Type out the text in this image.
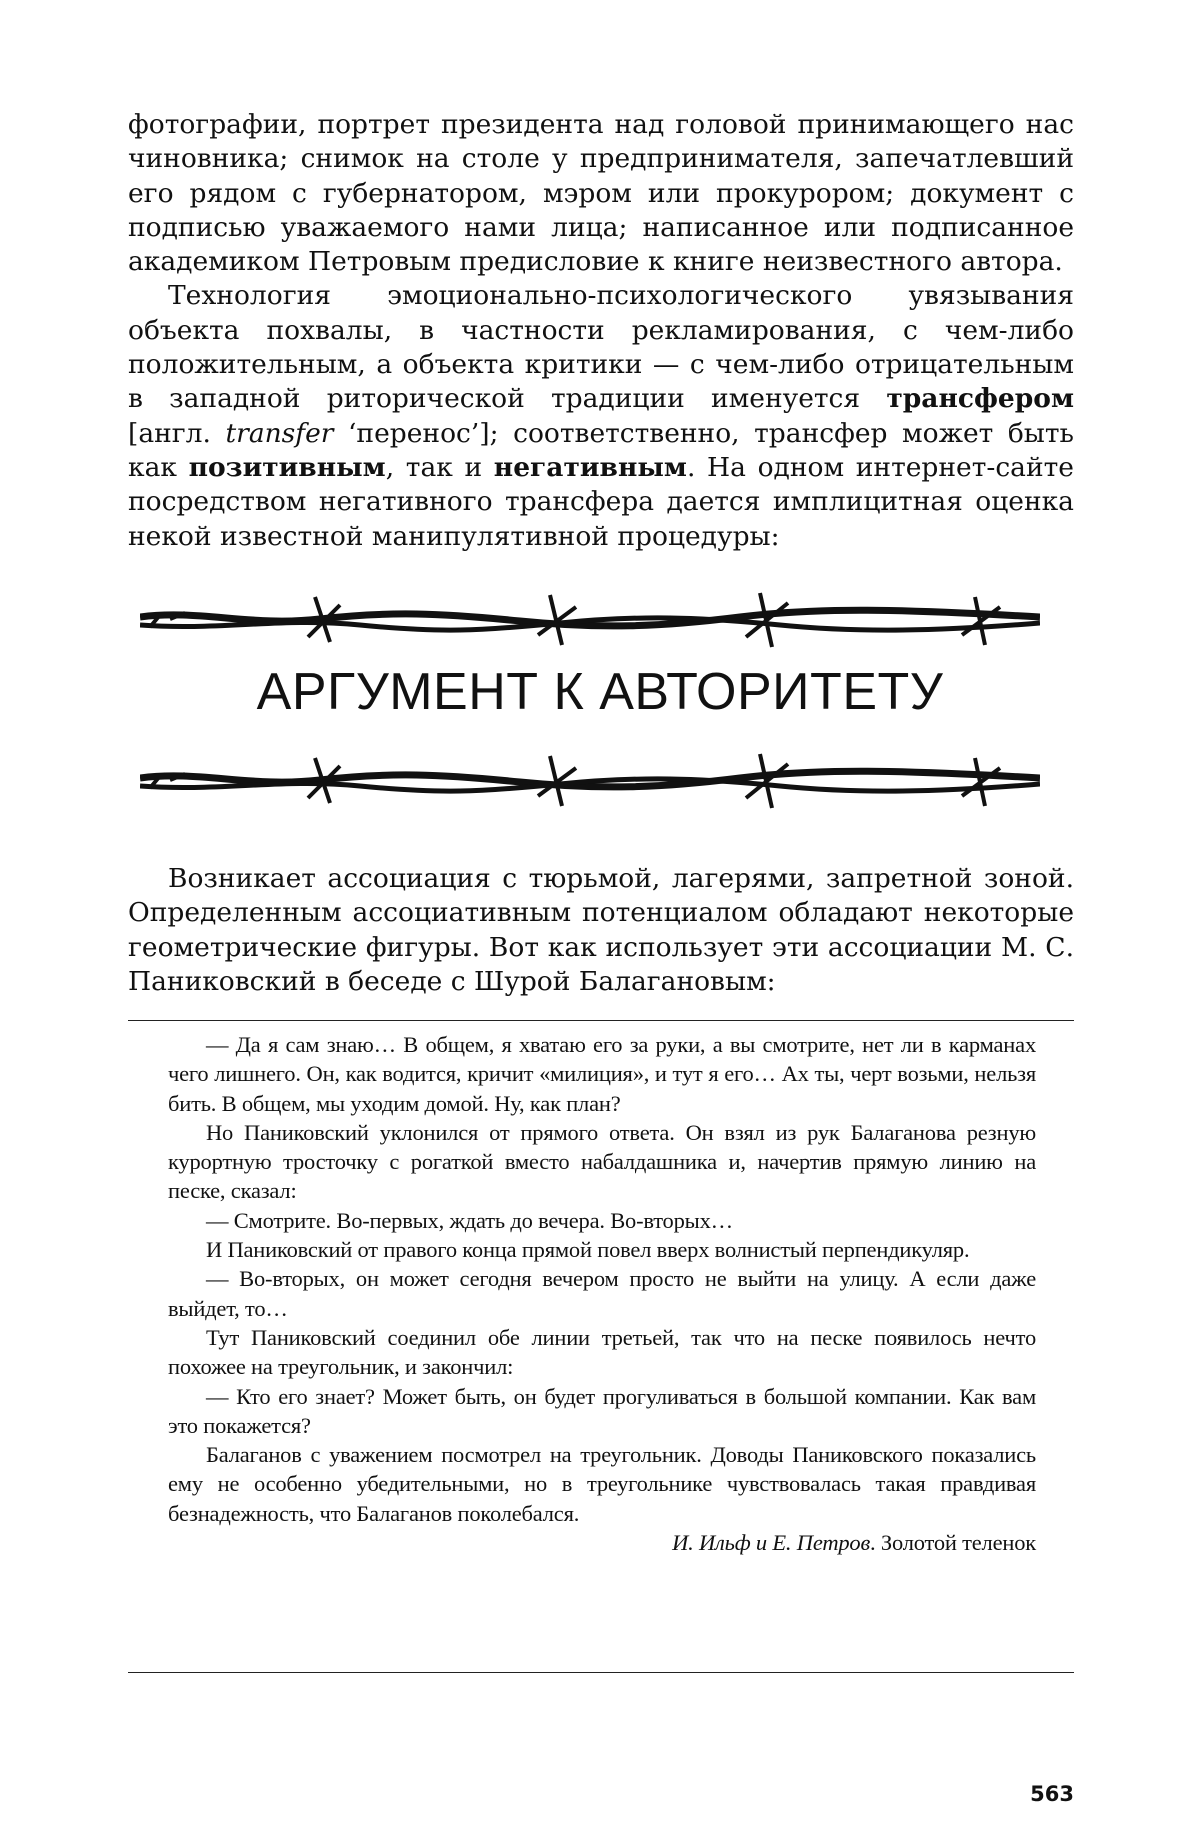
фотографии, портрет президента над головой принимающего нас чиновника; снимок на столе у предпринимателя, запечатлевший его рядом с губернатором, мэром или прокурором; документ с подписью уважаемого нами лица; написанное или подписанное академиком Петровым предисловие к книге неизвестного автора.

Технология эмоционально-психологического увязывания объекта похвалы, в частности рекламирования, с чем-либо положительным, а объекта критики — с чем-либо отрицательным в западной риторической традиции именуется трансфером [англ. transfer ‘перенос’]; соответственно, трансфер может быть как позитивным, так и негативным. На одном интернет-сайте посредством негативного трансфера дается имплицитная оценка некой известной манипулятивной процедуры:

АРГУМЕНТ К АВТОРИТЕТУ

Возникает ассоциация с тюрьмой, лагерями, запретной зоной. Определенным ассоциативным потенциалом обладают некоторые геометрические фигуры. Вот как использует эти ассоциации М. С. Паниковский в беседе с Шурой Балагановым:

— Да я сам знаю… В общем, я хватаю его за руки, а вы смотрите, нет ли в карманах чего лишнего. Он, как водится, кричит «милиция», и тут я его… Ах ты, черт возьми, нельзя бить. В общем, мы уходим домой. Ну, как план?

Но Паниковский уклонился от прямого ответа. Он взял из рук Балаганова резную курортную тросточку с рогаткой вместо набалдашника и, начертив прямую линию на песке, сказал:

— Смотрите. Во-первых, ждать до вечера. Во-вторых…

И Паниковский от правого конца прямой повел вверх волнистый перпендикуляр.

— Во-вторых, он может сегодня вечером просто не выйти на улицу. А если даже выйдет, то…

Тут Паниковский соединил обе линии третьей, так что на песке появилось нечто похожее на треугольник, и закончил:

— Кто его знает? Может быть, он будет прогуливаться в большой компании. Как вам это покажется?

Балаганов с уважением посмотрел на треугольник. Доводы Паниковского показались ему не особенно убедительными, но в треугольнике чувствовалась такая правдивая безнадежность, что Балаганов поколебался.

И. Ильф и Е. Петров. Золотой теленок

563
